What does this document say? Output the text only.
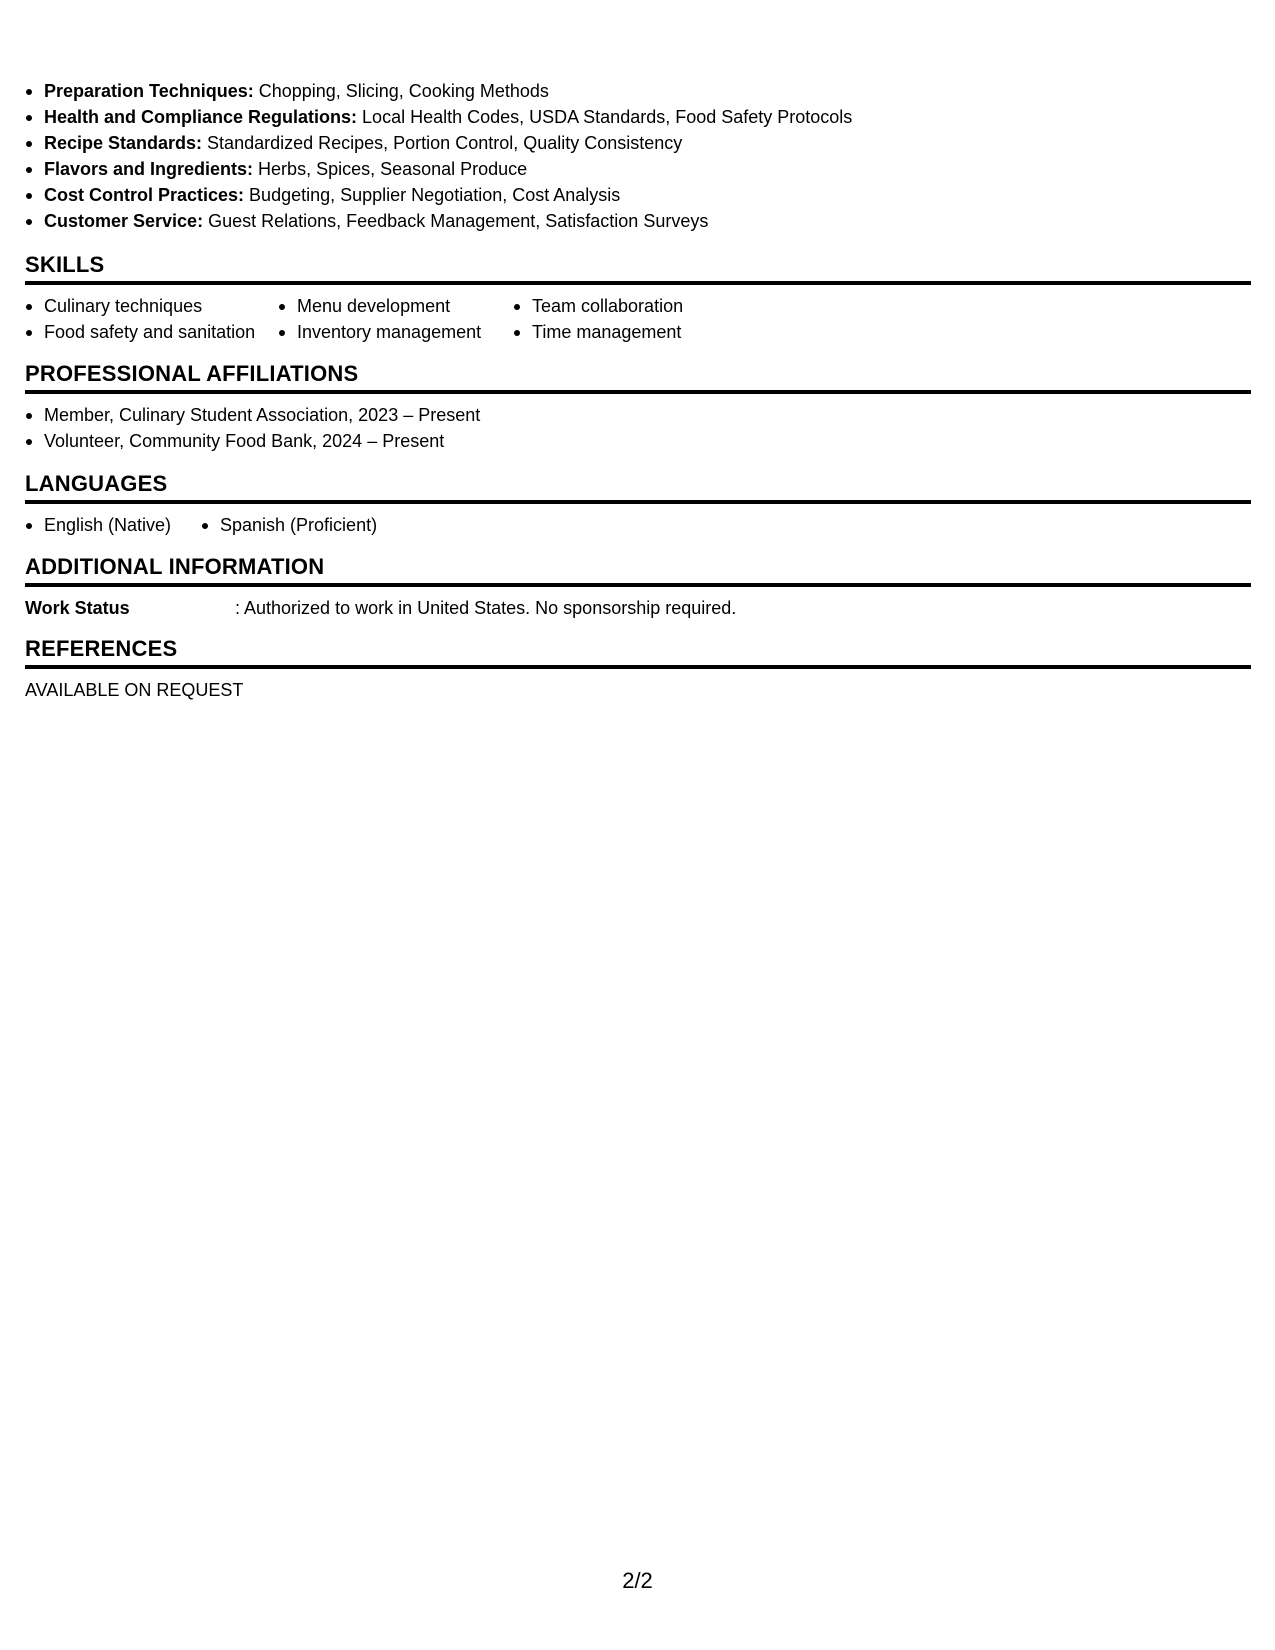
Preparation Techniques: Chopping, Slicing, Cooking Methods
Health and Compliance Regulations: Local Health Codes, USDA Standards, Food Safety Protocols
Recipe Standards: Standardized Recipes, Portion Control, Quality Consistency
Flavors and Ingredients: Herbs, Spices, Seasonal Produce
Cost Control Practices: Budgeting, Supplier Negotiation, Cost Analysis
Customer Service: Guest Relations, Feedback Management, Satisfaction Surveys
SKILLS
Culinary techniques
Food safety and sanitation
Menu development
Inventory management
Team collaboration
Time management
PROFESSIONAL AFFILIATIONS
Member, Culinary Student Association, 2023 – Present
Volunteer, Community Food Bank, 2024 – Present
LANGUAGES
English (Native)	Spanish (Proficient)
ADDITIONAL INFORMATION
Work Status	: Authorized to work in United States. No sponsorship required.
REFERENCES
AVAILABLE ON REQUEST
2/2
